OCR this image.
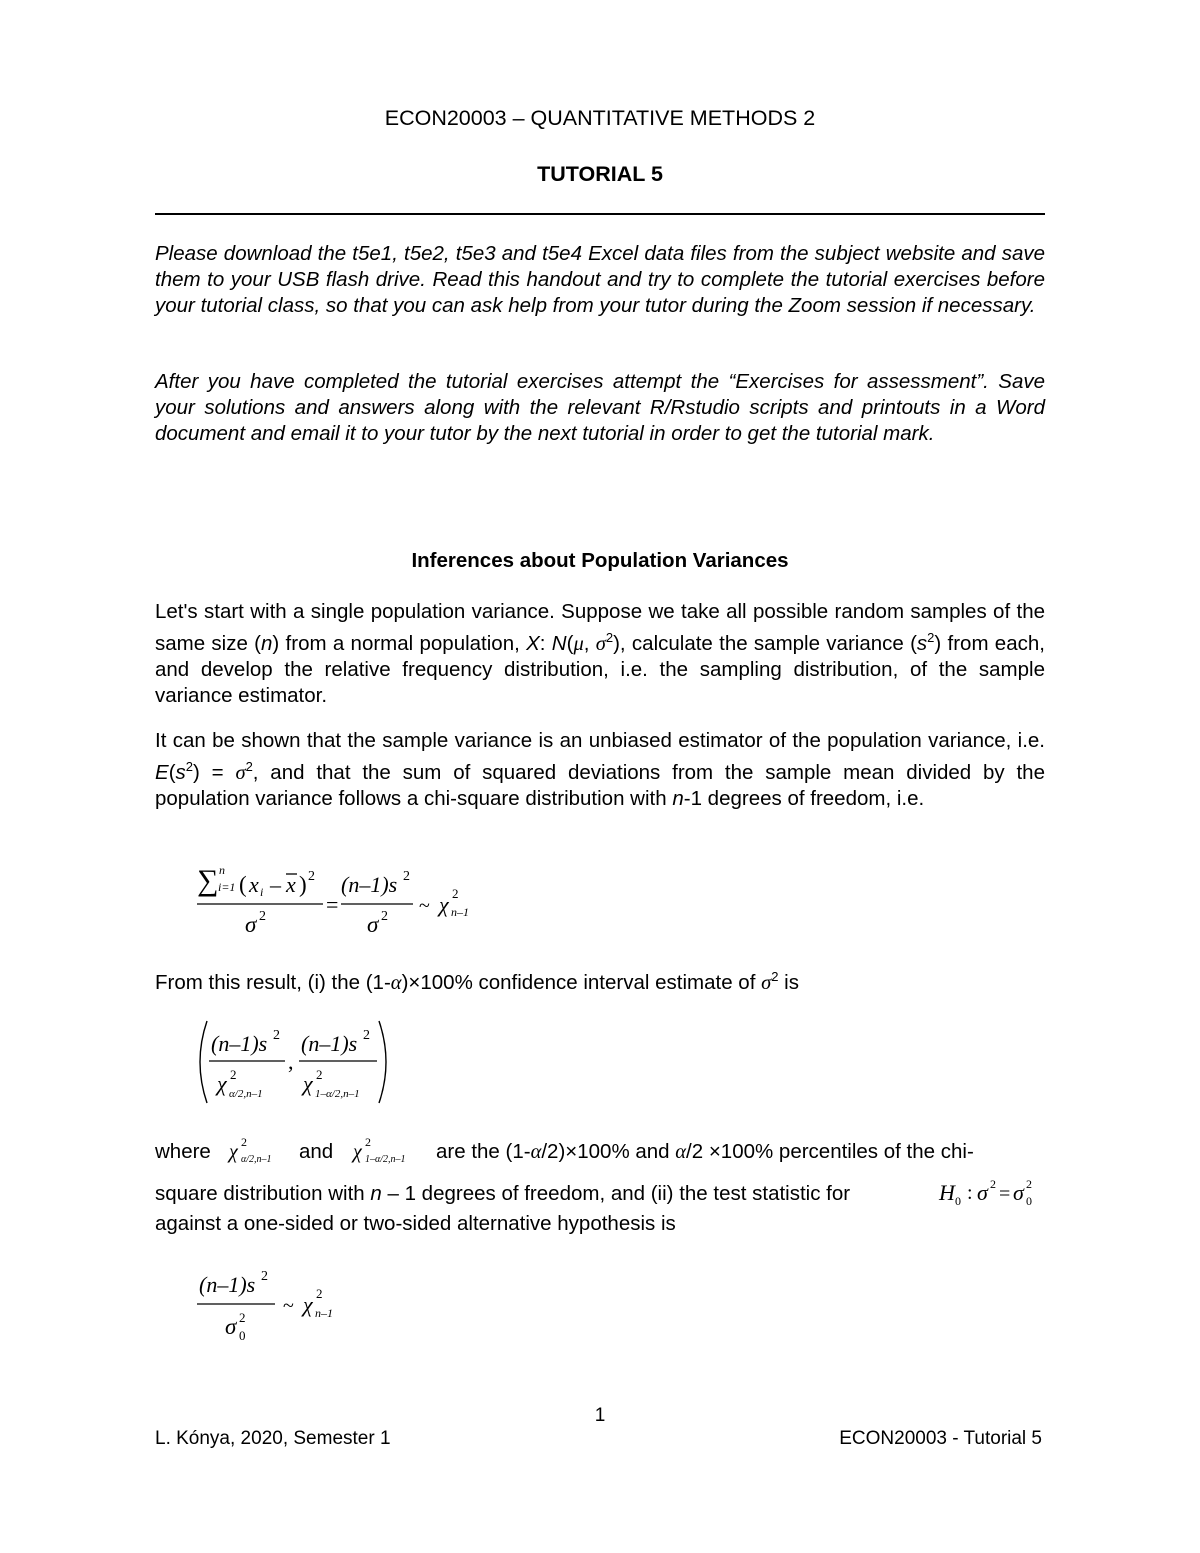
ECON20003 – QUANTITATIVE METHODS 2
TUTORIAL 5

Please download the t5e1, t5e2, t5e3 and t5e4 Excel data files from the subject website and save them to your USB flash drive. Read this handout and try to complete the tutorial exercises before your tutorial class, so that you can ask help from your tutor during the Zoom session if necessary.

After you have completed the tutorial exercises attempt the “Exercises for assessment”. Save your solutions and answers along with the relevant R/Rstudio scripts and printouts in a Word document and email it to your tutor by the next tutorial in order to get the tutorial mark.

Inferences about Population Variances

Let's start with a single population variance. Suppose we take all possible random samples of the same size (n) from a normal population, X: N(μ, $\sigma^2$), calculate the sample variance $(s^2)$ from each, and develop the relative frequency distribution, i.e. the sampling distribution, of the sample variance estimator.

It can be shown that the sample variance is an unbiased estimator of the population variance, i.e. $E(s^2) = \sigma^2$, and that the sum of squared deviations from the sample mean divided by the population variance follows a chi-square distribution with n-1 degrees of freedom, i.e.

∑ n
i=1 ( x i – x ) 2
σ 2	=
(n–1)s 2
σ 2 ~ χ 2
n–1

From this result, (i) the (1-α)×100% confidence interval estimate of $\sigma^2$ is

(n–1)s 2
χ 2
α/2,n–1
,
(n–1)s 2
χ 2
1–α/2,n–1
where χ 2
α/2,n–1 and χ 2
1–α/2,n–1 are the (1-α/2)×100% and α/2 ×100% percentiles of the chi-
square distribution with n – 1 degrees of freedom, and (ii) the test statistic for	H 0 : σ 2 = σ 2
0
against a one-sided or two-sided alternative hypothesis is
(n–1)s 2
σ 2
0
~ χ 2
n–1
1
L. Kónya, 2020, Semester 1	ECON20003 - Tutorial 5
